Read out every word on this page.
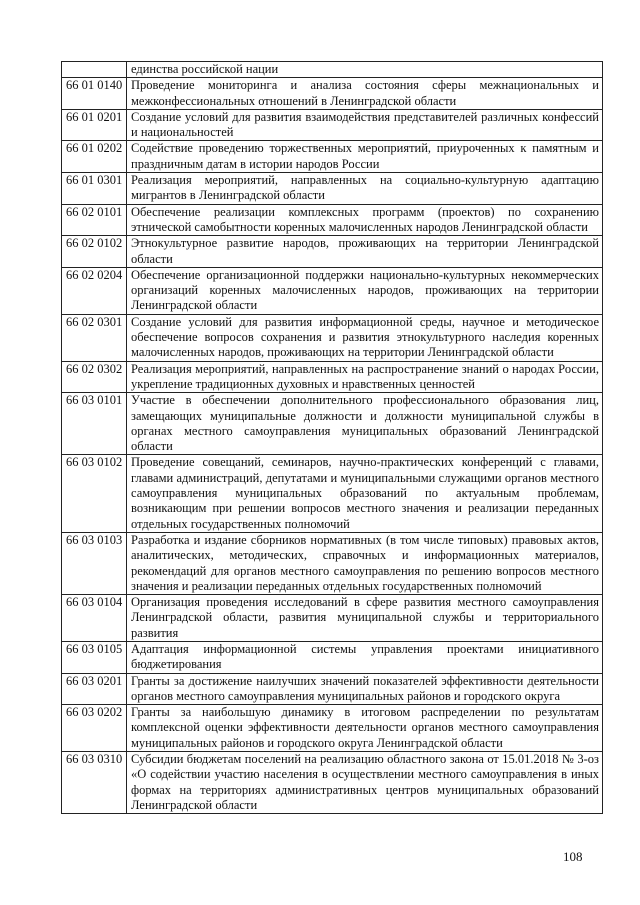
	единства российской нации
66 01 0140	Проведение мониторинга и анализа состояния сферы межнациональных и межконфессиональных отношений в Ленинградской области
66 01 0201	Создание условий для развития взаимодействия представителей различных конфессий и национальностей
66 01 0202	Содействие проведению торжественных мероприятий, приуроченных к памятным и праздничным датам в истории народов России
66 01 0301	Реализация мероприятий, направленных на социально-культурную адаптацию мигрантов в Ленинградской области
66 02 0101	Обеспечение реализации комплексных программ (проектов) по сохранению этнической самобытности коренных малочисленных народов Ленинградской области
66 02 0102	Этнокультурное развитие народов, проживающих на территории Ленинградской области
66 02 0204	Обеспечение организационной поддержки национально-культурных некоммерческих организаций коренных малочисленных народов, проживающих на территории Ленинградской области
66 02 0301	Создание условий для развития информационной среды, научное и методическое обеспечение вопросов сохранения и развития этнокультурного наследия коренных малочисленных народов, проживающих на территории Ленинградской области
66 02 0302	Реализация мероприятий, направленных на распространение знаний о народах России, укрепление традиционных духовных и нравственных ценностей
66 03 0101	Участие в обеспечении дополнительного профессионального образования лиц, замещающих муниципальные должности и должности муниципальной службы в органах местного самоуправления муниципальных образований Ленинградской области
66 03 0102	Проведение совещаний, семинаров, научно-практических конференций с главами, главами администраций, депутатами и муниципальными служащими органов местного самоуправления муниципальных образований по актуальным проблемам, возникающим при решении вопросов местного значения и реализации переданных отдельных государственных полномочий
66 03 0103	Разработка и издание сборников нормативных (в том числе типовых) правовых актов, аналитических, методических, справочных и информационных материалов, рекомендаций для органов местного самоуправления по решению вопросов местного значения и реализации переданных отдельных государственных полномочий
66 03 0104	Организация проведения исследований в сфере развития местного самоуправления Ленинградской области, развития муниципальной службы и территориального развития
66 03 0105	Адаптация информационной системы управления проектами инициативного бюджетирования
66 03 0201	Гранты за достижение наилучших значений показателей эффективности деятельности органов местного самоуправления муниципальных районов и городского округа
66 03 0202	Гранты за наибольшую динамику в итоговом распределении по результатам комплексной оценки эффективности деятельности органов местного самоуправления муниципальных районов и городского округа Ленинградской области
66 03 0310	Субсидии бюджетам поселений на реализацию областного закона от 15.01.2018 № 3-оз «О содействии участию населения в осуществлении местного самоуправления в иных формах на территориях административных центров муниципальных образований Ленинградской области
108
